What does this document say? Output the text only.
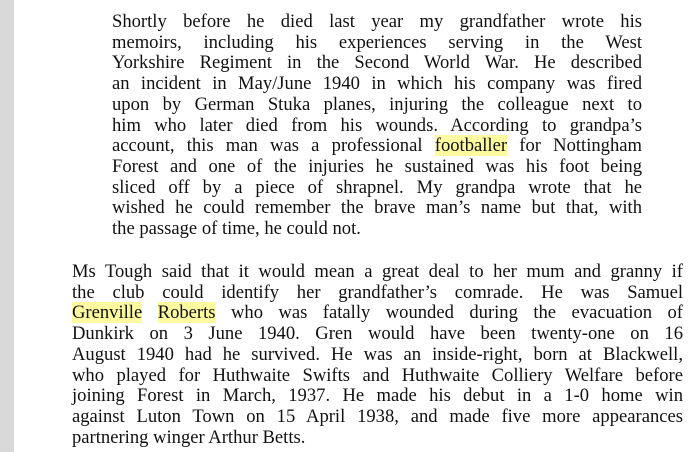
Shortly before he died last year my grandfather wrote his
memoirs, including his experiences serving in the West
Yorkshire Regiment in the Second World War. He described
an incident in May/June 1940 in which his company was fired
upon by German Stuka planes, injuring the colleague next to
him who later died from his wounds. According to grandpa’s
account, this man was a professional footballer for Nottingham
Forest and one of the injuries he sustained was his foot being
sliced off by a piece of shrapnel. My grandpa wrote that he
wished he could remember the brave man’s name but that, with
the passage of time, he could not.
Ms Tough said that it would mean a great deal to her mum and granny if
the club could identify her grandfather’s comrade. He was Samuel
Grenville Roberts who was fatally wounded during the evacuation of
Dunkirk on 3 June 1940. Gren would have been twenty-one on 16
August 1940 had he survived. He was an inside-right, born at Blackwell,
who played for Huthwaite Swifts and Huthwaite Colliery Welfare before
joining Forest in March, 1937. He made his debut in a 1-0 home win
against Luton Town on 15 April 1938, and made five more appearances
partnering winger Arthur Betts.
